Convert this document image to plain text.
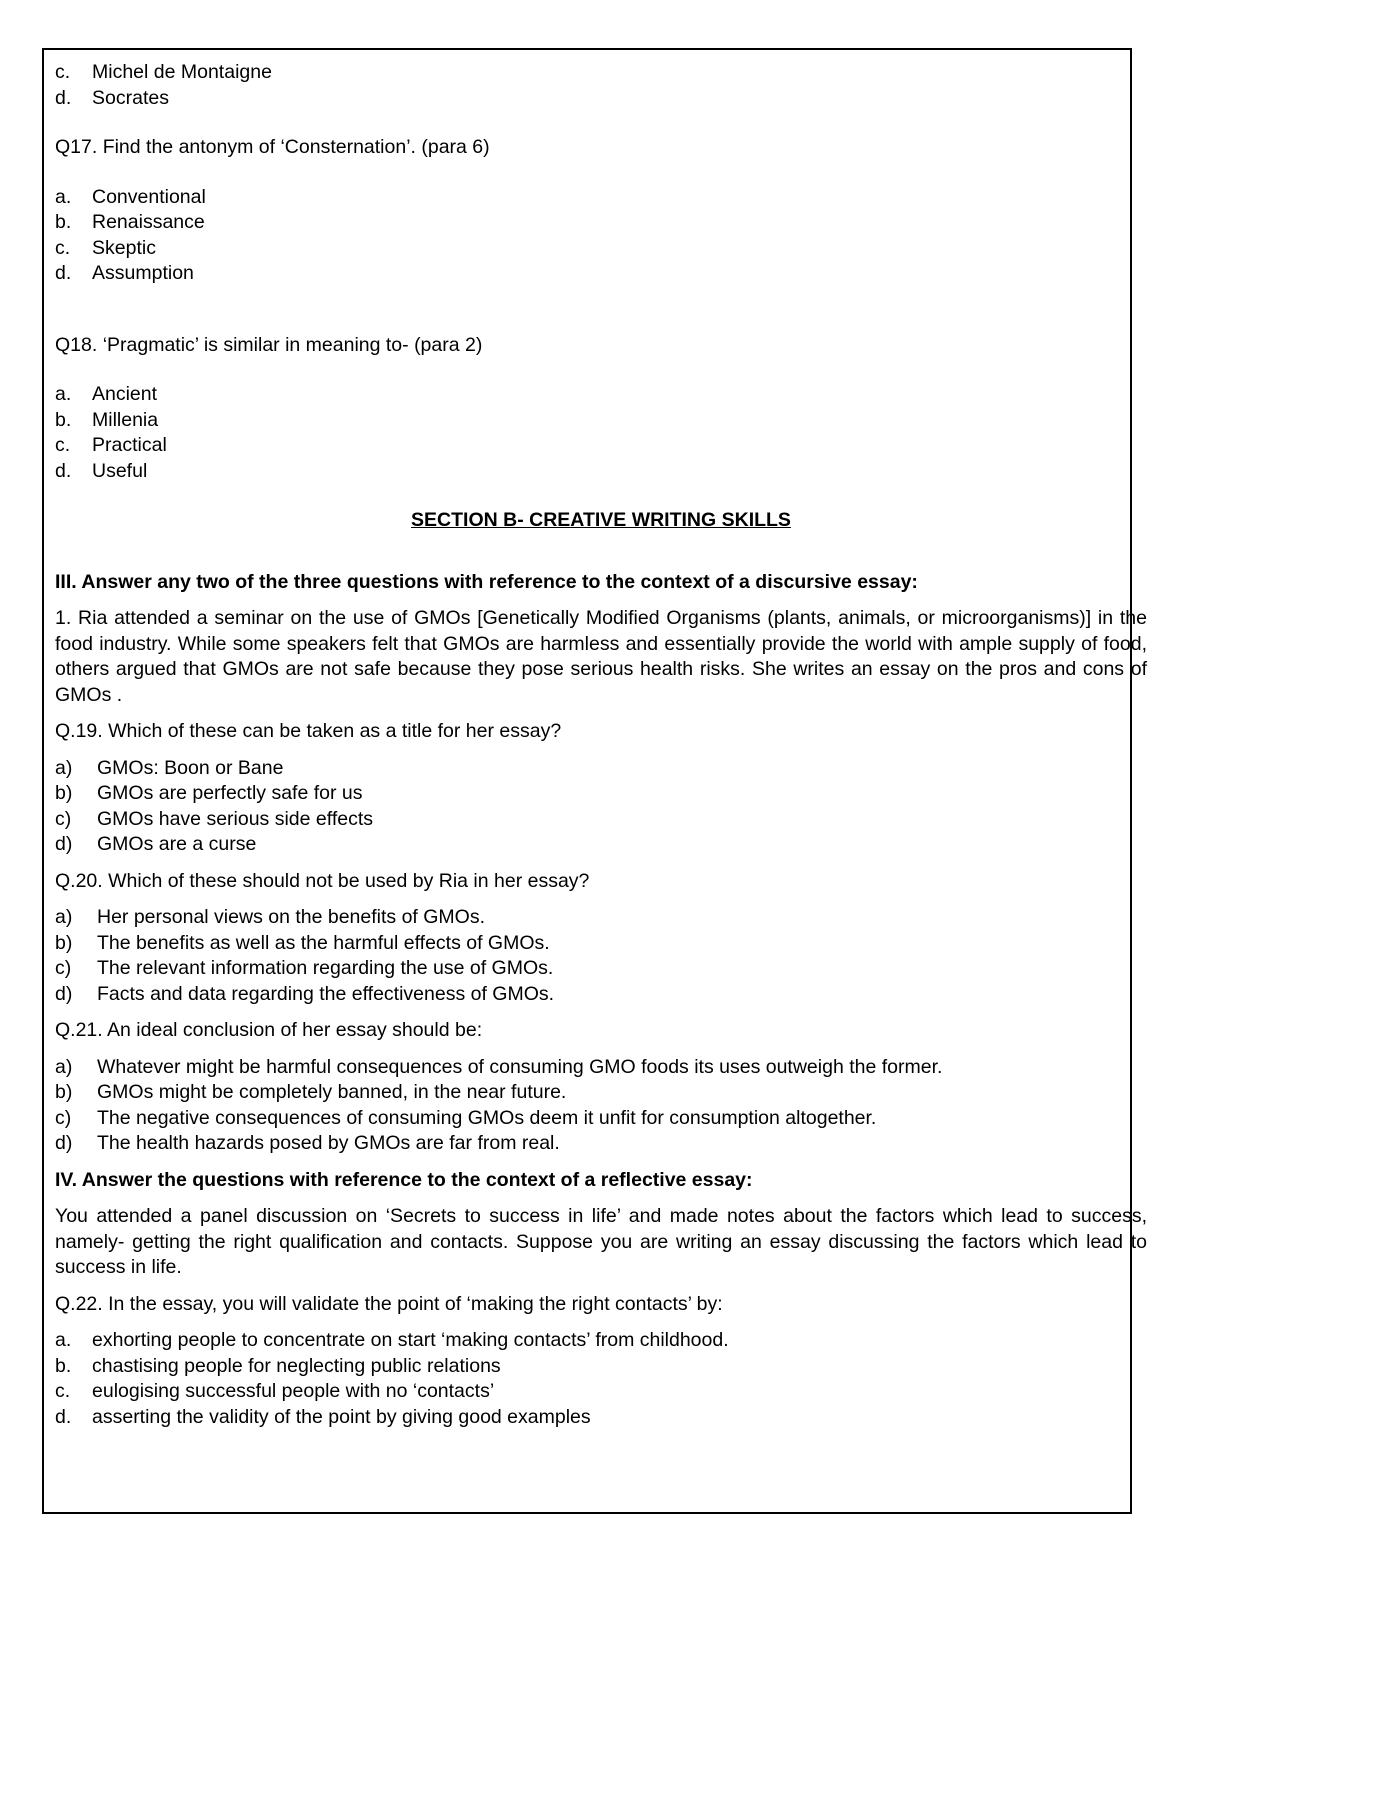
c.	Michel de Montaigne
d.	Socrates
Q17. Find the antonym of ‘Consternation’. (para 6)
a.	Conventional
b.	Renaissance
c.	Skeptic
d.	Assumption
Q18. ‘Pragmatic’ is similar in meaning to- (para 2)
a.	Ancient
b.	Millenia
c.	Practical
d.	Useful
SECTION B- CREATIVE WRITING SKILLS
III. Answer any two of the three questions with reference to the context of a discursive essay:

1. Ria attended a seminar on the use of GMOs [Genetically Modified Organisms (plants, animals, or microorganisms)] in the food industry. While some speakers felt that GMOs are harmless and essentially provide the world with ample supply of food, others argued that GMOs are not safe because they pose serious health risks. She writes an essay on the pros and cons of GMOs .

Q.19. Which of these can be taken as a title for her essay?
a)	GMOs: Boon or Bane
b)	GMOs are perfectly safe for us
c)	GMOs have serious side effects
d)	GMOs are a curse
Q.20. Which of these should not be used by Ria in her essay?
a)	Her personal views on the benefits of GMOs.
b)	The benefits as well as the harmful effects of GMOs.
c)	The relevant information regarding the use of GMOs.
d)	Facts and data regarding the effectiveness of GMOs.
Q.21. An ideal conclusion of her essay should be:
a)	Whatever might be harmful consequences of consuming GMO foods its uses outweigh the former.
b)	GMOs might be completely banned, in the near future.
c)	The negative consequences of consuming GMOs deem it unfit for consumption altogether.
d)	The health hazards posed by GMOs are far from real.
IV. Answer the questions with reference to the context of a reflective essay:

You attended a panel discussion on ‘Secrets to success in life’ and made notes about the factors which lead to success, namely- getting the right qualification and contacts. Suppose you are writing an essay discussing the factors which lead to success in life.

Q.22. In the essay, you will validate the point of ‘making the right contacts’ by:
a.	exhorting people to concentrate on start ‘making contacts’ from childhood.
b.	chastising people for neglecting public relations
c.	eulogising successful people with no ‘contacts’
d.	asserting the validity of the point by giving good examples
